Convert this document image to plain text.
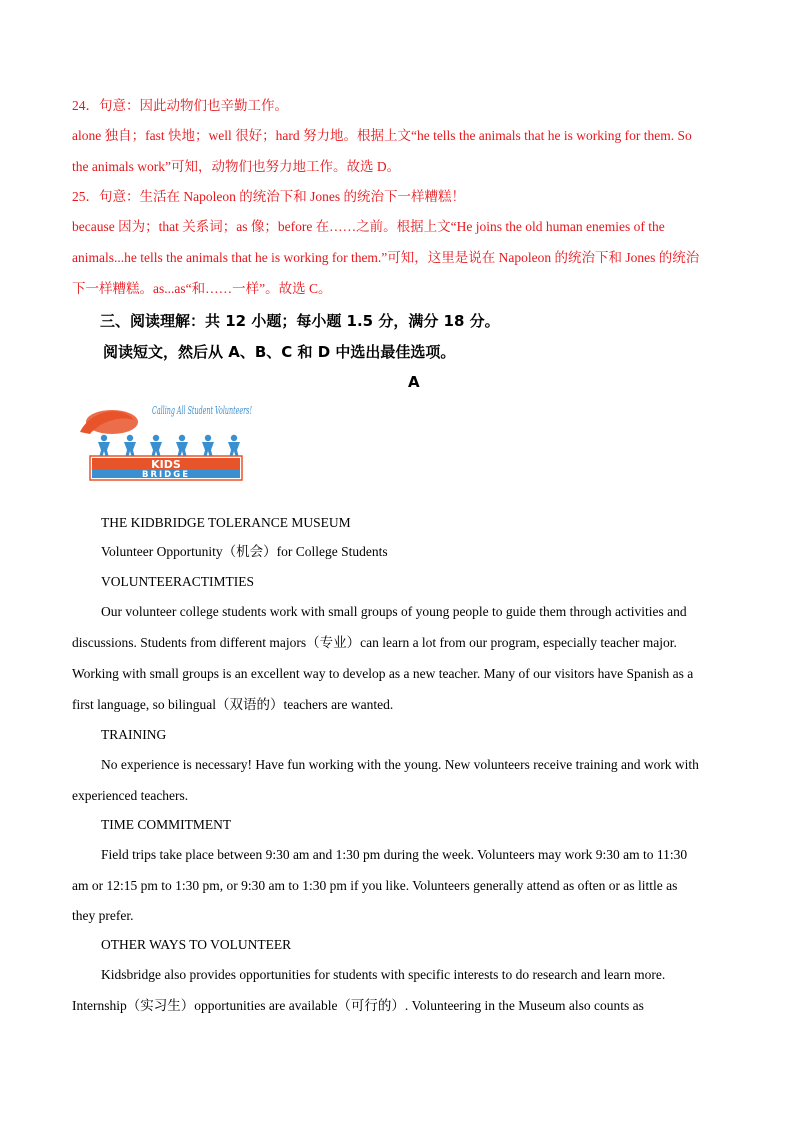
24．句意：因此动物们也辛勤工作。
alone 独自；fast 快地；well 很好；hard 努力地。根据上文“he tells the animals that he is working for them. So
the animals work”可知，动物们也努力地工作。故选 D。
25．句意：生活在 Napoleon 的统治下和 Jones 的统治下一样糟糕！
because 因为；that 关系词；as 像；before 在……之前。根据上文“He joins the old human enemies of the
animals...he tells the animals that he is working for them.”可知，这里是说在 Napoleon 的统治下和 Jones 的统治
下一样糟糕。as...as“和……一样”。故选 C。
三、阅读理解：共 12 小题；每小题 1.5 分，满分 18 分。
阅读短文，然后从 A、B、C 和 D 中选出最佳选项。
A
Calling All Student Volunteers!
KIDS
BRIDGE
THE KIDBRIDGE TOLERANCE MUSEUM
Volunteer Opportunity（机会）for College Students
VOLUNTEERACTIMTIES
Our volunteer college students work with small groups of young people to guide them through activities and
discussions. Students from different majors（专业）can learn a lot from our program, especially teacher major.
Working with small groups is an excellent way to develop as a new teacher. Many of our visitors have Spanish as a
first language, so bilingual（双语的）teachers are wanted.
TRAINING
No experience is necessary! Have fun working with the young. New volunteers receive training and work with
experienced teachers.
TIME COMMITMENT
Field trips take place between 9:30 am and 1:30 pm during the week. Volunteers may work 9:30 am to 11:30
am or 12:15 pm to 1:30 pm, or 9:30 am to 1:30 pm if you like. Volunteers generally attend as often or as little as
they prefer.
OTHER WAYS TO VOLUNTEER
Kidsbridge also provides opportunities for students with specific interests to do research and learn more.
Internship（实习生）opportunities are available（可行的）. Volunteering in the Museum also counts as
